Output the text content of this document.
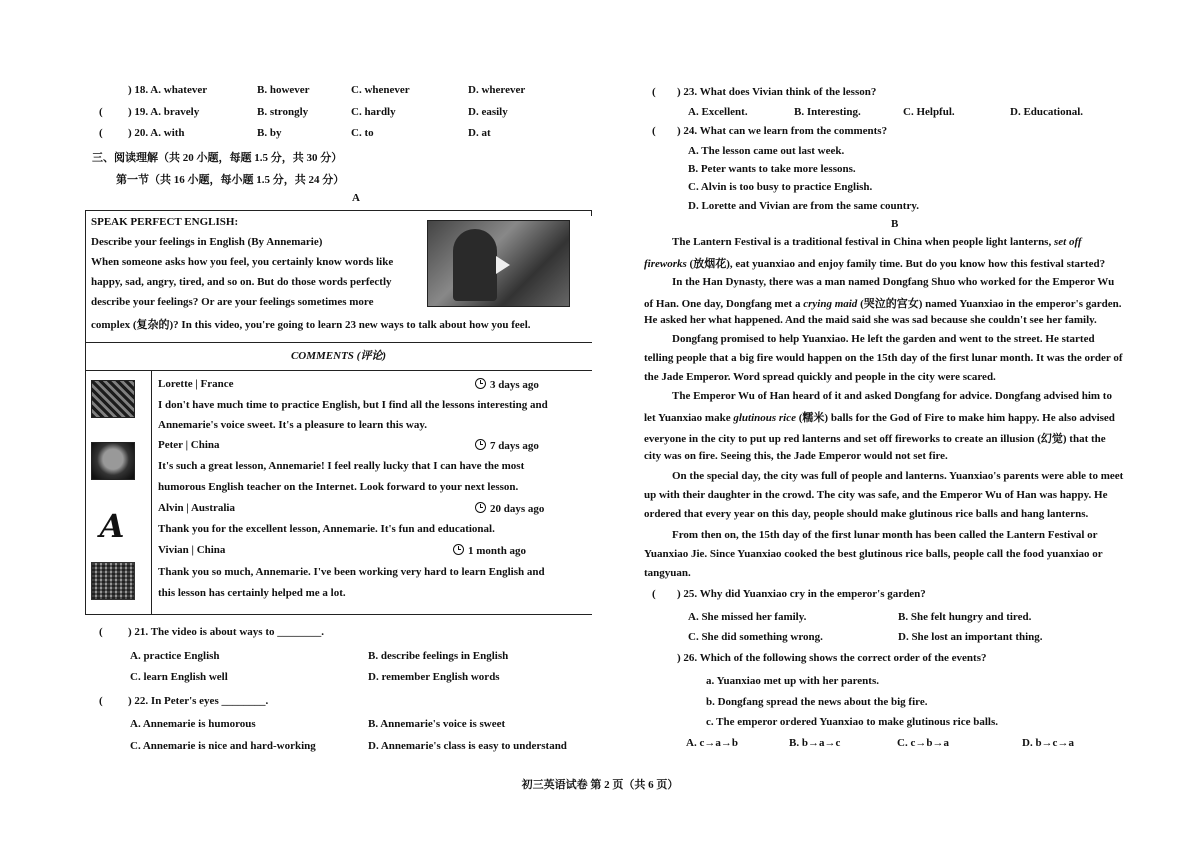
) 18. A. whatever	B. however	C. whenever	D. wherever
( ) 19. A. bravely	B. strongly	C. hardly	D. easily
( ) 20. A. with	B. by	C. to	D. at
三、阅读理解（共 20 小题，每题 1.5 分，共 30 分）
第一节（共 16 小题，每小题 1.5 分，共 24 分）
A
SPEAK PERFECT ENGLISH:
Describe your feelings in English (By Annemarie)
When someone asks how you feel, you certainly know words like
happy, sad, angry, tired, and so on. But do those words perfectly
describe your feelings? Or are your feelings sometimes more
complex (复杂的)? In this video, you're going to learn 23 new ways to talk about how you feel.
COMMENTS (评论)
Lorette | France	3 days ago
I don't have much time to practice English, but I find all the lessons interesting and
Annemarie's voice sweet. It's a pleasure to learn this way.
Peter | China	7 days ago
It's such a great lesson, Annemarie! I feel really lucky that I can have the most
humorous English teacher on the Internet. Look forward to your next lesson.
A	Alvin | Australia	20 days ago
Thank you for the excellent lesson, Annemarie. It's fun and educational.
Vivian | China	1 month ago
Thank you so much, Annemarie. I've been working very hard to learn English and
this lesson has certainly helped me a lot.
( ) 21. The video is about ways to ________.
A. practice English	B. describe feelings in English
C. learn English well	D. remember English words
( ) 22. In Peter's eyes ________.
A. Annemarie is humorous	B. Annemarie's voice is sweet
C. Annemarie is nice and hard-working	D. Annemarie's class is easy to understand
( ) 23. What does Vivian think of the lesson?
A. Excellent.	B. Interesting.	C. Helpful.	D. Educational.
( ) 24. What can we learn from the comments?
A. The lesson came out last week.
B. Peter wants to take more lessons.
C. Alvin is too busy to practice English.
D. Lorette and Vivian are from the same country.
B
The Lantern Festival is a traditional festival in China when people light lanterns, set off
fireworks (放烟花), eat yuanxiao and enjoy family time. But do you know how this festival started?
In the Han Dynasty, there was a man named Dongfang Shuo who worked for the Emperor Wu
of Han. One day, Dongfang met a crying maid (哭泣的宫女) named Yuanxiao in the emperor's garden.
He asked her what happened. And the maid said she was sad because she couldn't see her family.
Dongfang promised to help Yuanxiao. He left the garden and went to the street. He started
telling people that a big fire would happen on the 15th day of the first lunar month. It was the order of
the Jade Emperor. Word spread quickly and people in the city were scared.
The Emperor Wu of Han heard of it and asked Dongfang for advice. Dongfang advised him to
let Yuanxiao make glutinous rice (糯米) balls for the God of Fire to make him happy. He also advised
everyone in the city to put up red lanterns and set off fireworks to create an illusion (幻觉) that the
city was on fire. Seeing this, the Jade Emperor would not set fire.
On the special day, the city was full of people and lanterns. Yuanxiao's parents were able to meet
up with their daughter in the crowd. The city was safe, and the Emperor Wu of Han was happy. He
ordered that every year on this day, people should make glutinous rice balls and hang lanterns.
From then on, the 15th day of the first lunar month has been called the Lantern Festival or
Yuanxiao Jie. Since Yuanxiao cooked the best glutinous rice balls, people call the food yuanxiao or
tangyuan.
( ) 25. Why did Yuanxiao cry in the emperor's garden?
A. She missed her family.	B. She felt hungry and tired.
C. She did something wrong.	D. She lost an important thing.
) 26. Which of the following shows the correct order of the events?
a. Yuanxiao met up with her parents.
b. Dongfang spread the news about the big fire.
c. The emperor ordered Yuanxiao to make glutinous rice balls.
A. c→a→b	B. b→a→c	C. c→b→a	D. b→c→a
初三英语试卷 第 2 页（共 6 页）
